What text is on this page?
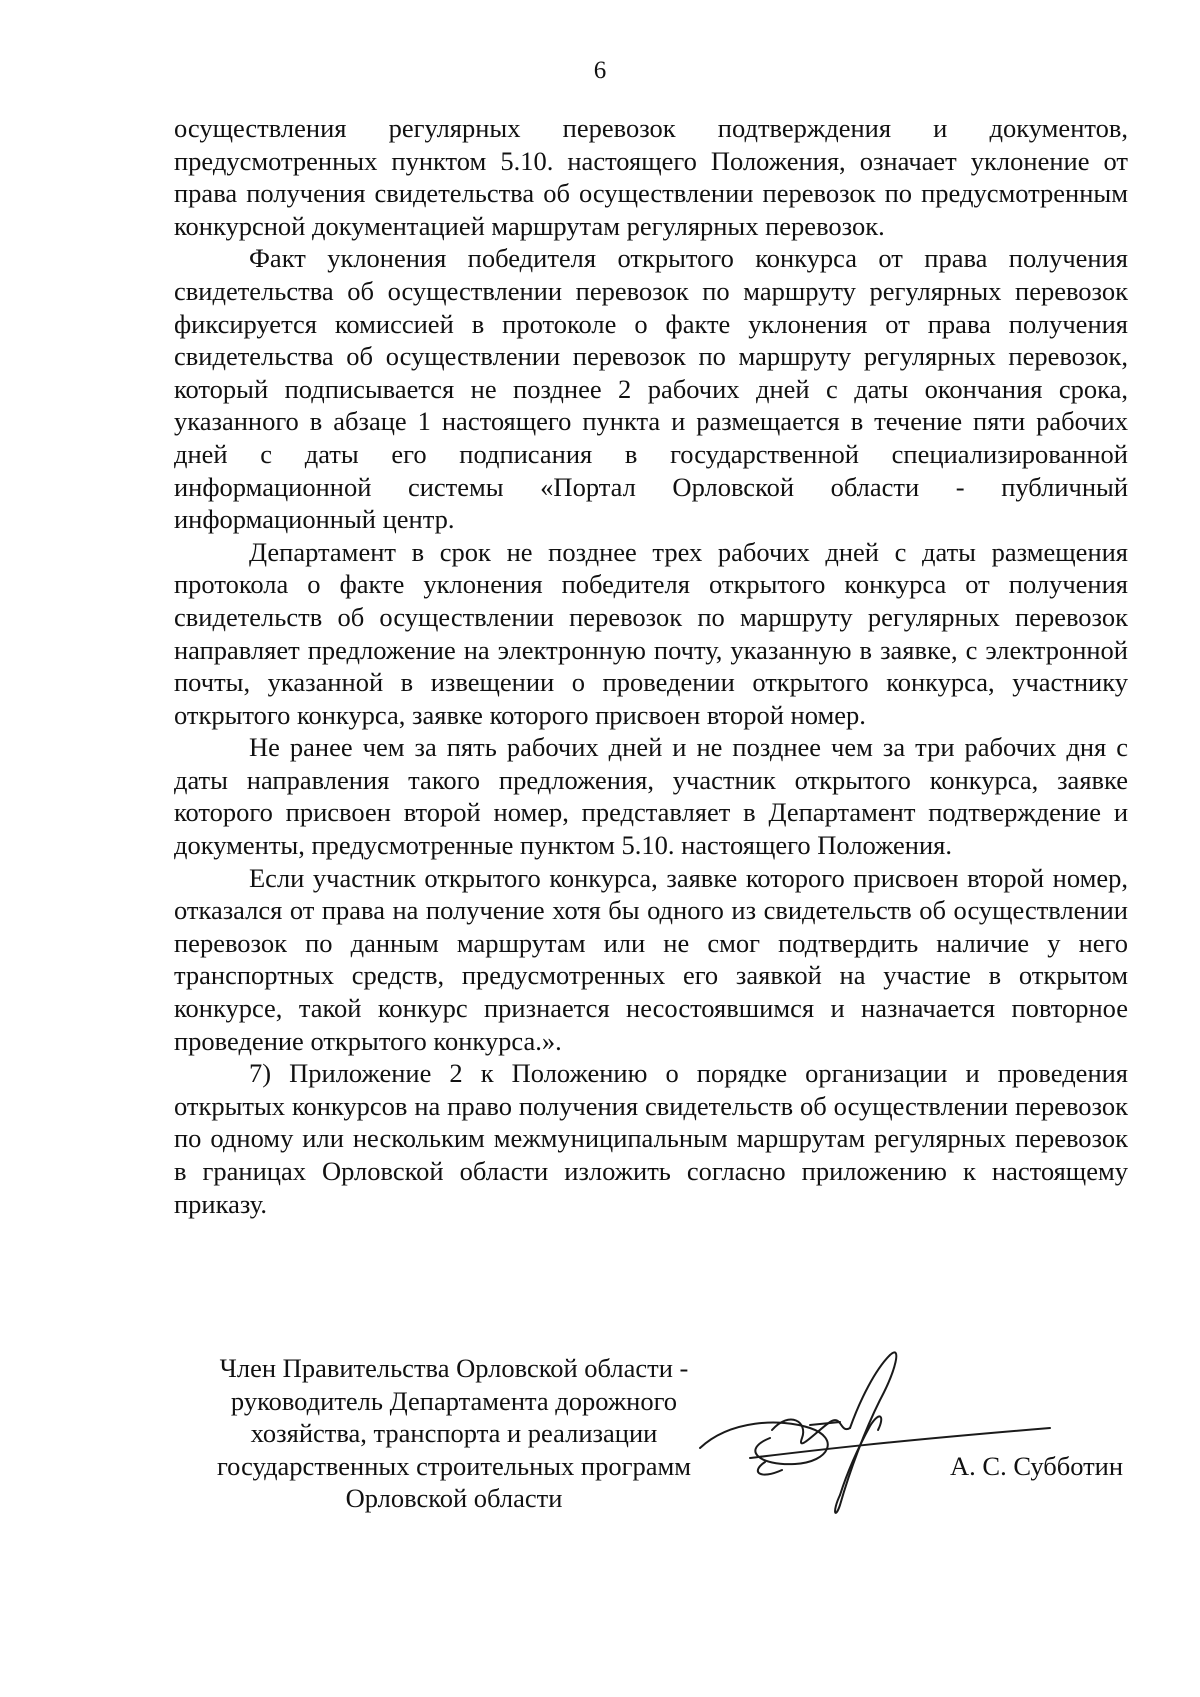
6

осуществления регулярных перевозок подтверждения и документов, предусмотренных пунктом 5.10. настоящего Положения, означает уклонение от права получения свидетельства об осуществлении перевозок по предусмотренным конкурсной документацией маршрутам регулярных перевозок.

Факт уклонения победителя открытого конкурса от права получения свидетельства об осуществлении перевозок по маршруту регулярных перевозок фиксируется комиссией в протоколе о факте уклонения от права получения свидетельства об осуществлении перевозок по маршруту регулярных перевозок, который подписывается не позднее 2 рабочих дней с даты окончания срока, указанного в абзаце 1 настоящего пункта и размещается в течение пяти рабочих дней с даты его подписания в государственной специализированной информационной системы «Портал Орловской области - публичный информационный центр.

Департамент в срок не позднее трех рабочих дней с даты размещения протокола о факте уклонения победителя открытого конкурса от получения свидетельств об осуществлении перевозок по маршруту регулярных перевозок направляет предложение на электронную почту, указанную в заявке, с электронной почты, указанной в извещении о проведении открытого конкурса, участнику открытого конкурса, заявке которого присвоен второй номер.

Не ранее чем за пять рабочих дней и не позднее чем за три рабочих дня с даты направления такого предложения, участник открытого конкурса, заявке которого присвоен второй номер, представляет в Департамент подтверждение и документы, предусмотренные пунктом 5.10. настоящего Положения.

Если участник открытого конкурса, заявке которого присвоен второй номер, отказался от права на получение хотя бы одного из свидетельств об осуществлении перевозок по данным маршрутам или не смог подтвердить наличие у него транспортных средств, предусмотренных его заявкой на участие в открытом конкурсе, такой конкурс признается несостоявшимся и назначается повторное проведение открытого конкурса.».

7) Приложение 2 к Положению о порядке организации и проведения открытых конкурсов на право получения свидетельств об осуществлении перевозок по одному или нескольким межмуниципальным маршрутам регулярных перевозок в границах Орловской области изложить согласно приложению к настоящему приказу.

Член Правительства Орловской области -
руководитель Департамента дорожного
хозяйства, транспорта и реализации
государственных строительных программ
Орловской области
А. С. Субботин
